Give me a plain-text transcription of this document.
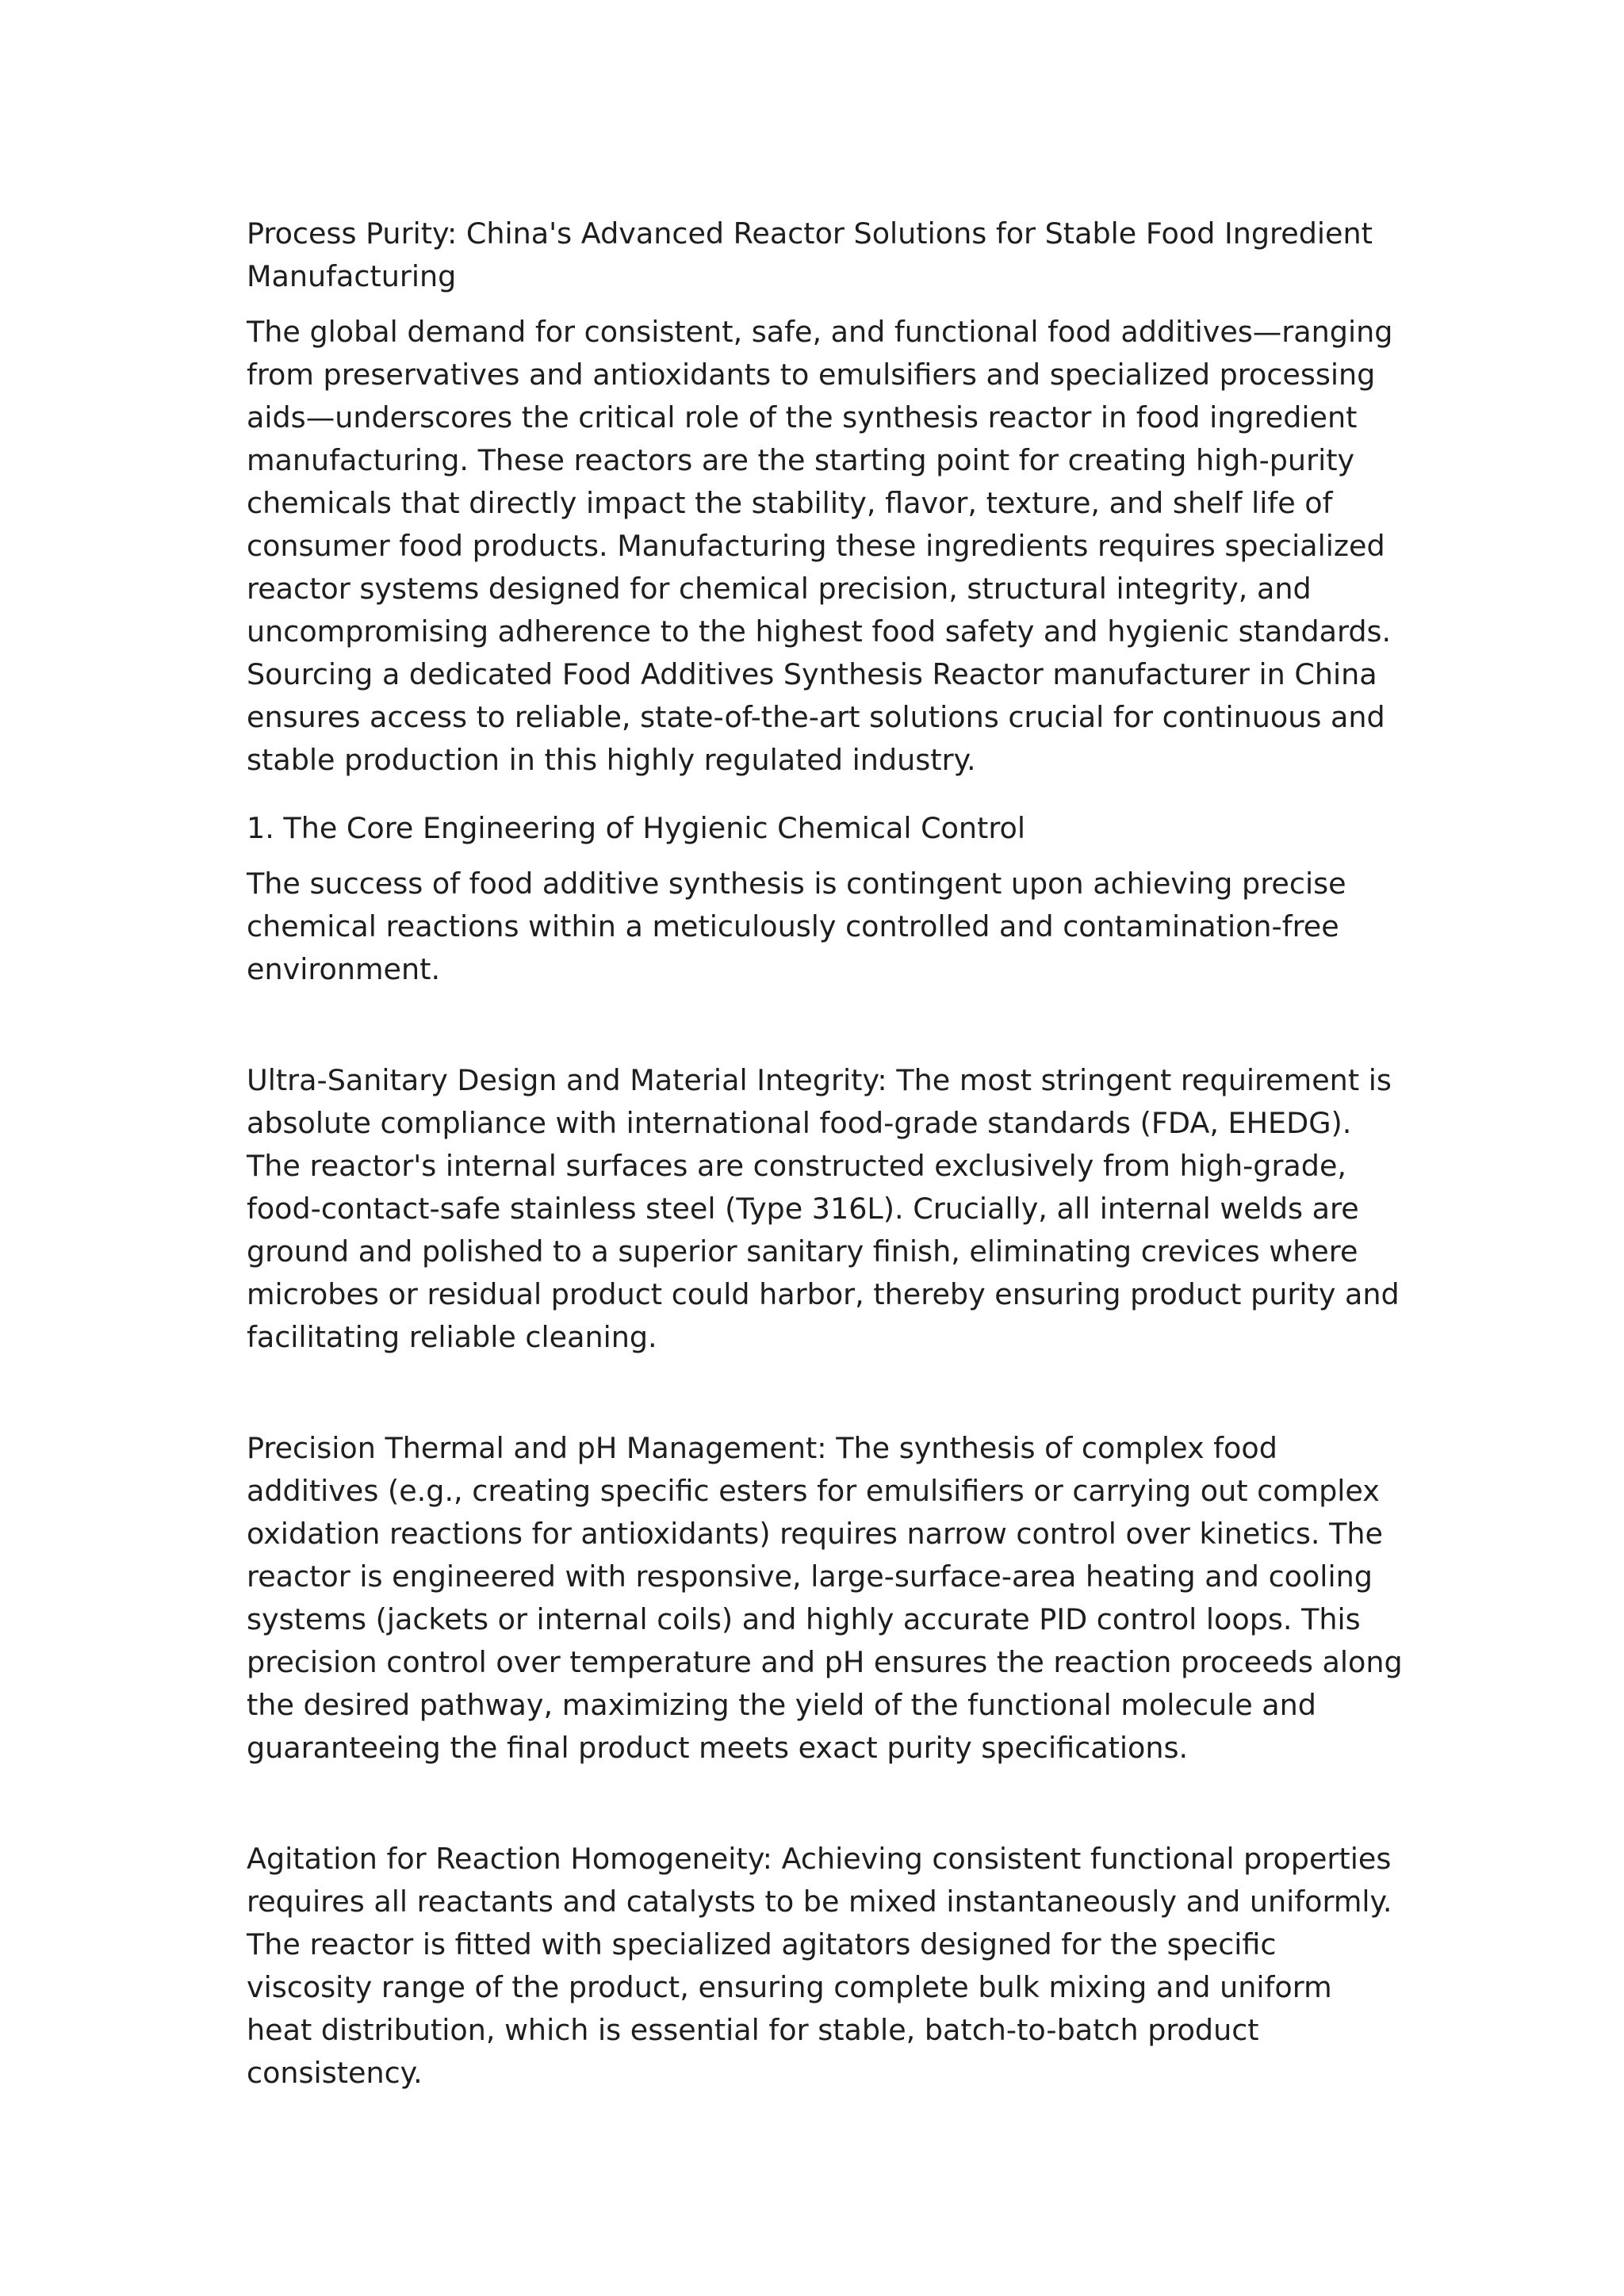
Process Purity: China's Advanced Reactor Solutions for Stable Food Ingredient Manufacturing

The global demand for consistent, safe, and functional food additives—ranging from preservatives and antioxidants to emulsifiers and specialized processing aids—underscores the critical role of the synthesis reactor in food ingredient manufacturing. These reactors are the starting point for creating high-purity chemicals that directly impact the stability, flavor, texture, and shelf life of consumer food products. Manufacturing these ingredients requires specialized reactor systems designed for chemical precision, structural integrity, and uncompromising adherence to the highest food safety and hygienic standards. Sourcing a dedicated Food Additives Synthesis Reactor manufacturer in China ensures access to reliable, state-of-the-art solutions crucial for continuous and stable production in this highly regulated industry.

1. The Core Engineering of Hygienic Chemical Control

The success of food additive synthesis is contingent upon achieving precise chemical reactions within a meticulously controlled and contamination-free environment.

Ultra-Sanitary Design and Material Integrity: The most stringent requirement is absolute compliance with international food-grade standards (FDA, EHEDG). The reactor's internal surfaces are constructed exclusively from high-grade, food-contact-safe stainless steel (Type 316L). Crucially, all internal welds are ground and polished to a superior sanitary finish, eliminating crevices where microbes or residual product could harbor, thereby ensuring product purity and facilitating reliable cleaning.

Precision Thermal and pH Management: The synthesis of complex food additives (e.g., creating specific esters for emulsifiers or carrying out complex oxidation reactions for antioxidants) requires narrow control over kinetics. The reactor is engineered with responsive, large-surface-area heating and cooling systems (jackets or internal coils) and highly accurate PID control loops. This precision control over temperature and pH ensures the reaction proceeds along the desired pathway, maximizing the yield of the functional molecule and guaranteeing the final product meets exact purity specifications.

Agitation for Reaction Homogeneity: Achieving consistent functional properties requires all reactants and catalysts to be mixed instantaneously and uniformly. The reactor is fitted with specialized agitators designed for the specific viscosity range of the product, ensuring complete bulk mixing and uniform heat distribution, which is essential for stable, batch-to-batch product consistency.
